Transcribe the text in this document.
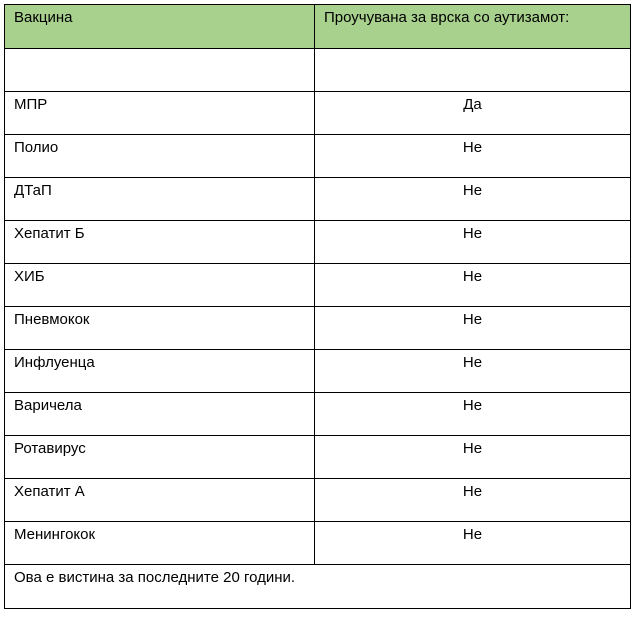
Вакцина	Проучувана за врска со аутизамот:

МПР	Да
Полио	Не
ДТаП	Не
Хепатит Б	Не
ХИБ	Не
Пневмокок	Не
Инфлуенца	Не
Варичела	Не
Ротавирус	Не
Хепатит А	Не
Менингокок	Не
Ова е вистина за последните 20 години.	
